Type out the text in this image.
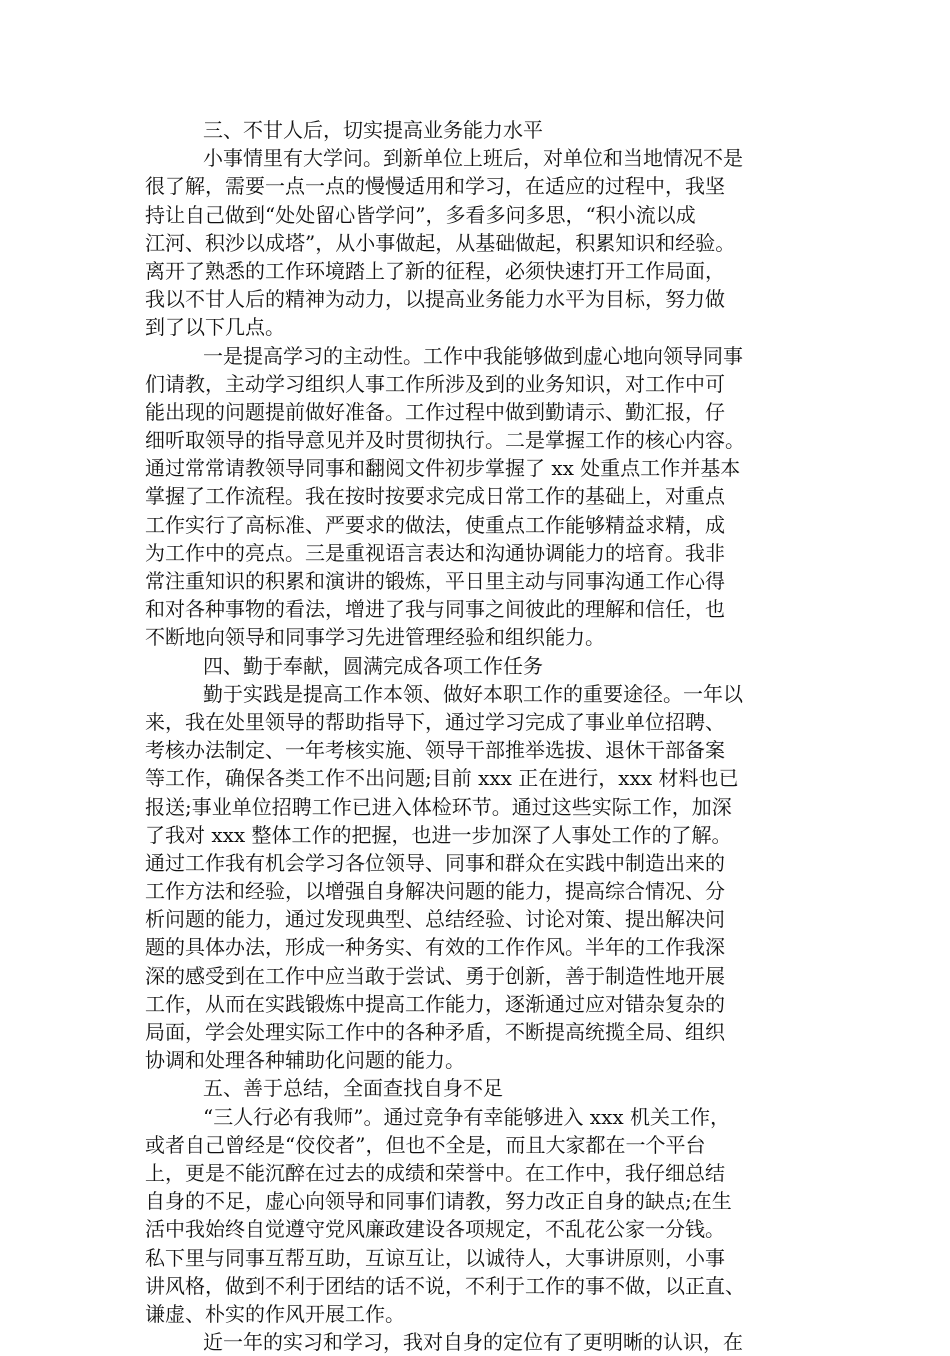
三、不甘人后，切实提高业务能力水平
小事情里有大学问。到新单位上班后，对单位和当地情况不是
很了解，需要一点一点的慢慢适用和学习，在适应的过程中，我坚
持让自己做到“处处留心皆学问”，多看多问多思，“积小流以成
江河、积沙以成塔”，从小事做起，从基础做起，积累知识和经验。
离开了熟悉的工作环境踏上了新的征程，必须快速打开工作局面，
我以不甘人后的精神为动力，以提高业务能力水平为目标，努力做
到了以下几点。
一是提高学习的主动性。工作中我能够做到虚心地向领导同事
们请教，主动学习组织人事工作所涉及到的业务知识，对工作中可
能出现的问题提前做好准备。工作过程中做到勤请示、勤汇报，仔
细听取领导的指导意见并及时贯彻执行。二是掌握工作的核心内容。
通过常常请教领导同事和翻阅文件初步掌握了 xx 处重点工作并基本
掌握了工作流程。我在按时按要求完成日常工作的基础上，对重点
工作实行了高标准、严要求的做法，使重点工作能够精益求精，成
为工作中的亮点。三是重视语言表达和沟通协调能力的培育。我非
常注重知识的积累和演讲的锻炼，平日里主动与同事沟通工作心得
和对各种事物的看法，增进了我与同事之间彼此的理解和信任，也
不断地向领导和同事学习先进管理经验和组织能力。
四、勤于奉献，圆满完成各项工作任务
勤于实践是提高工作本领、做好本职工作的重要途径。一年以
来，我在处里领导的帮助指导下，通过学习完成了事业单位招聘、
考核办法制定、一年考核实施、领导干部推举选拔、退休干部备案
等工作，确保各类工作不出问题;目前 xxx 正在进行，xxx 材料也已
报送;事业单位招聘工作已进入体检环节。通过这些实际工作，加深
了我对 xxx 整体工作的把握，也进一步加深了人事处工作的了解。
通过工作我有机会学习各位领导、同事和群众在实践中制造出来的
工作方法和经验，以增强自身解决问题的能力，提高综合情况、分
析问题的能力，通过发现典型、总结经验、讨论对策、提出解决问
题的具体办法，形成一种务实、有效的工作作风。半年的工作我深
深的感受到在工作中应当敢于尝试、勇于创新，善于制造性地开展
工作，从而在实践锻炼中提高工作能力，逐渐通过应对错杂复杂的
局面，学会处理实际工作中的各种矛盾，不断提高统揽全局、组织
协调和处理各种辅助化问题的能力。
五、善于总结，全面查找自身不足
“三人行必有我师”。通过竞争有幸能够进入 xxx 机关工作，
或者自己曾经是“佼佼者”，但也不全是，而且大家都在一个平台
上，更是不能沉醉在过去的成绩和荣誉中。在工作中，我仔细总结
自身的不足，虚心向领导和同事们请教，努力改正自身的缺点;在生
活中我始终自觉遵守党风廉政建设各项规定，不乱花公家一分钱。
私下里与同事互帮互助，互谅互让，以诚待人，大事讲原则，小事
讲风格，做到不利于团结的话不说，不利于工作的事不做，以正直、
谦虚、朴实的作风开展工作。
近一年的实习和学习，我对自身的定位有了更明晰的认识，在
